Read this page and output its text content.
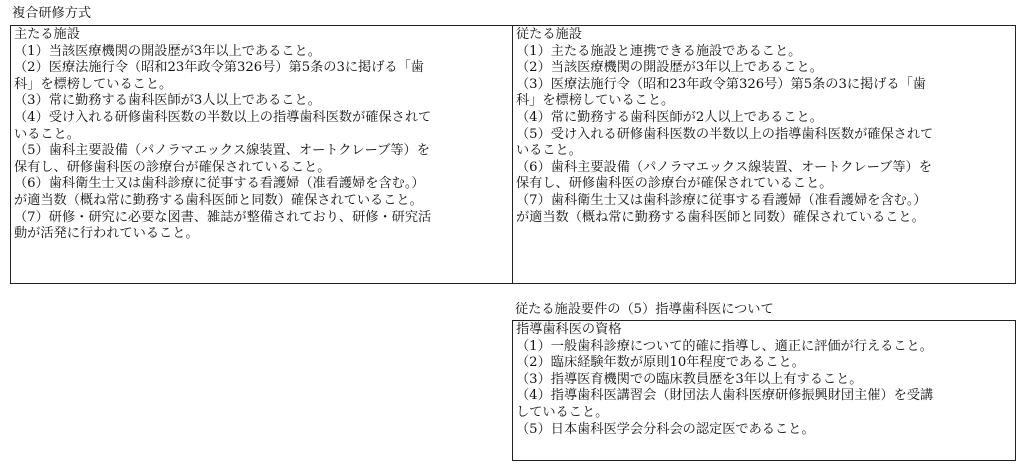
複合研修方式
主たる施設
（1）当該医療機関の開設歴が3年以上であること。
（2）医療法施行令（昭和23年政令第326号）第5条の3に掲げる「歯
科」を標榜していること。
（3）常に勤務する歯科医師が3人以上であること。
（4）受け入れる研修歯科医数の半数以上の指導歯科医数が確保されて
いること。
（5）歯科主要設備（パノラマエックス線装置、オートクレーブ等）を
保有し、研修歯科医の診療台が確保されていること。
（6）歯科衛生士又は歯科診療に従事する看護婦（准看護婦を含む。）
が適当数（概ね常に勤務する歯科医師と同数）確保されていること。
（7）研修・研究に必要な図書、雑誌が整備されており、研修・研究活
動が活発に行われていること。
従たる施設
（1）主たる施設と連携できる施設であること。
（2）当該医療機関の開設歴が3年以上であること。
（3）医療法施行令（昭和23年政令第326号）第5条の3に掲げる「歯
科」を標榜していること。
（4）常に勤務する歯科医師が2人以上であること。
（5）受け入れる研修歯科医数の半数以上の指導歯科医数が確保されて
いること。
（6）歯科主要設備（パノラマエックス線装置、オートクレーブ等）を
保有し、研修歯科医の診療台が確保されていること。
（7）歯科衛生士又は歯科診療に従事する看護婦（准看護婦を含む。）
が適当数（概ね常に勤務する歯科医師と同数）確保されていること。
従たる施設要件の（5）指導歯科医について
指導歯科医の資格
（1）一般歯科診療について的確に指導し、適正に評価が行えること。
（2）臨床経験年数が原則10年程度であること。
（3）指導医育機関での臨床教員歴を3年以上有すること。
（4）指導歯科医講習会（財団法人歯科医療研修振興財団主催）を受講
していること。
（5）日本歯科医学会分科会の認定医であること。
